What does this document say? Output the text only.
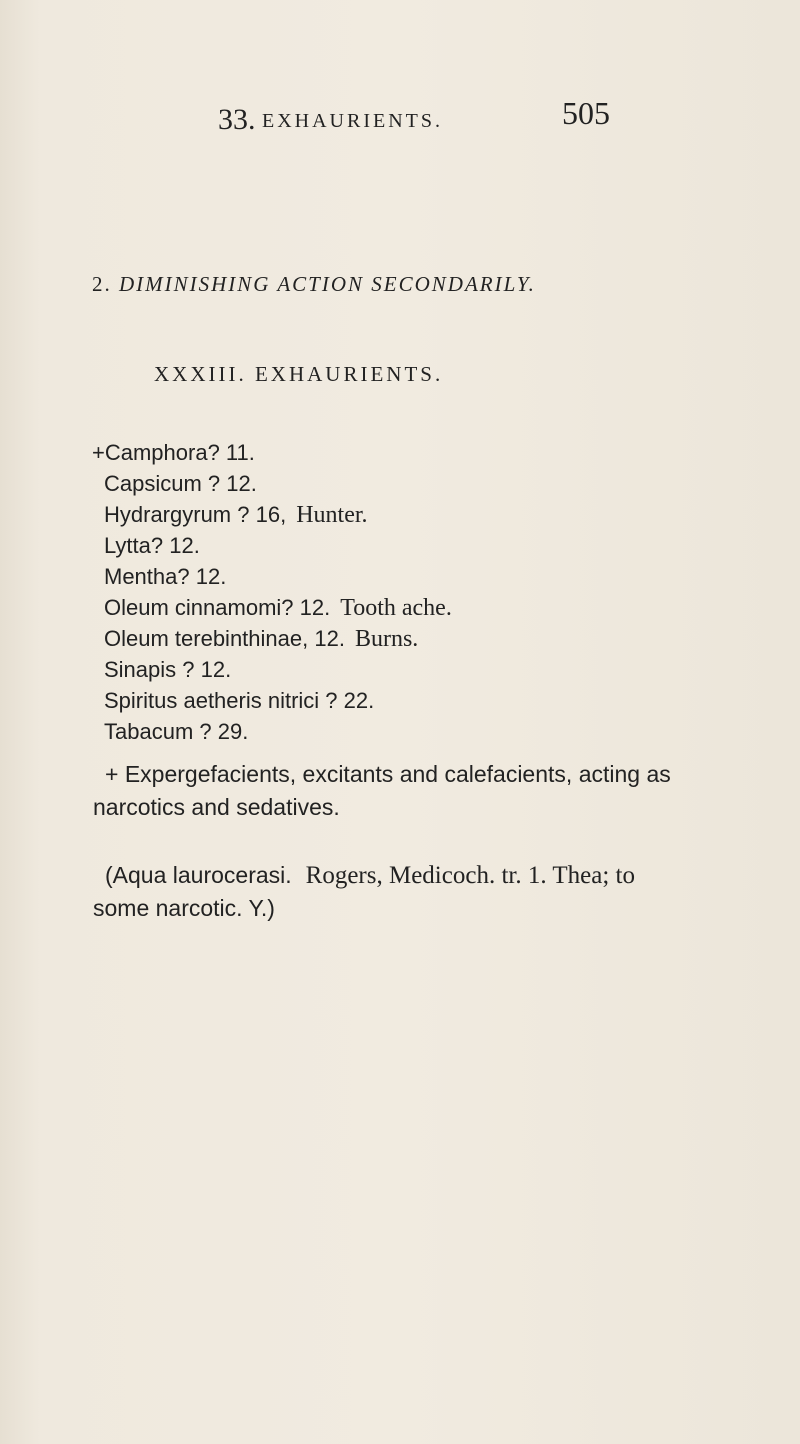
33. EXHAURIENTS.	505
2. DIMINISHING ACTION SECONDARILY.
XXXIII. EXHAURIENTS.
+Camphora? 11.
Capsicum ? 12.
Hydrargyrum ? 16, Hunter.
Lytta? 12.
Mentha? 12.
Oleum cinnamomi? 12. Tooth ache.
Oleum terebinthinae, 12. Burns.
Sinapis ? 12.
Spiritus aetheris nitrici ? 22.
Tabacum ? 29.
+ Expergefacients, excitants and calefacients, acting as
narcotics and sedatives.
(Aqua laurocerasi. Rogers, Medicoch. tr. 1. Thea; to
some narcotic. Y.)
